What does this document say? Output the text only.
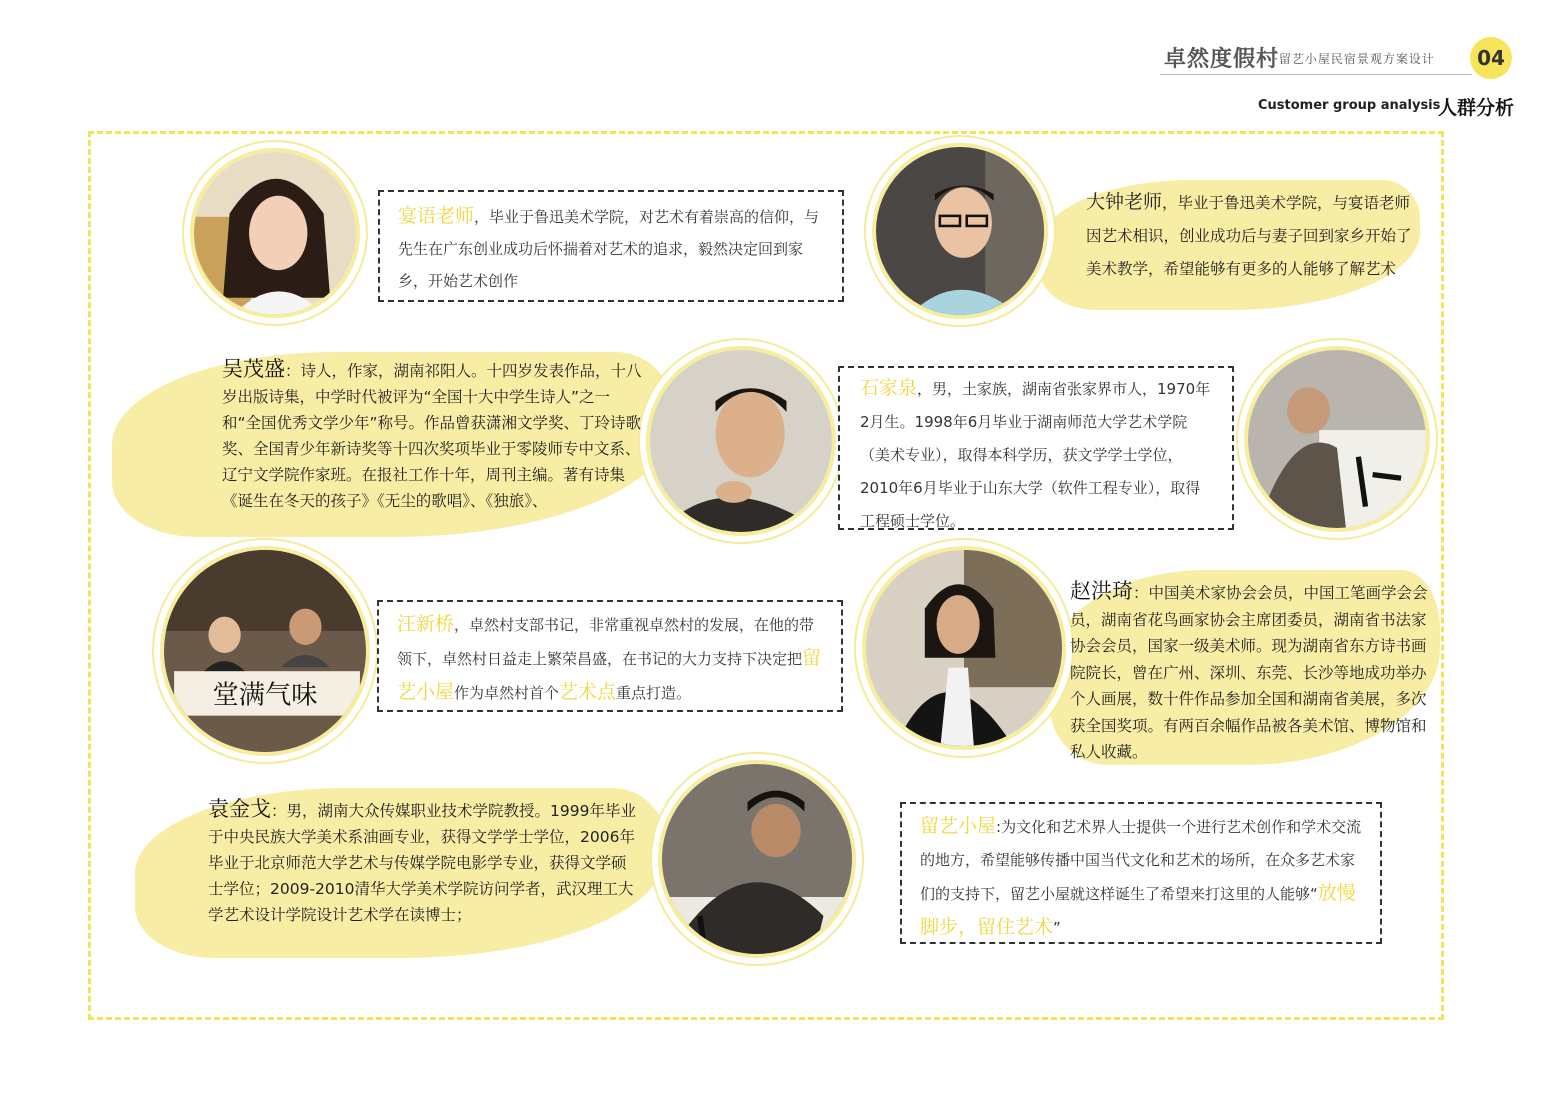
卓然度假村
·留艺小屋民宿景观方案设计	04
Customer group analysis
人群分析
堂满气味
宴语老师，毕业于鲁迅美术学院，对艺术有着崇高的信仰，与先生在广东创业成功后怀揣着对艺术的追求，毅然决定回到家乡，开始艺术创作
大钟老师，毕业于鲁迅美术学院，与宴语老师因艺术相识，创业成功后与妻子回到家乡开始了美术教学，希望能够有更多的人能够了解艺术
吴茂盛：诗人，作家，湖南祁阳人。十四岁发表作品，十八岁出版诗集，中学时代被评为“全国十大中学生诗人”之一和“全国优秀文学少年”称号。作品曾获潇湘文学奖、丁玲诗歌奖、全国青少年新诗奖等十四次奖项毕业于零陵师专中文系、辽宁文学院作家班。在报社工作十年，周刊主编。著有诗集《诞生在冬天的孩子》《无尘的歌唱》、《独旅》、
石家泉，男，土家族，湖南省张家界市人，1970年2月生。1998年6月毕业于湖南师范大学艺术学院（美术专业），取得本科学历，获文学学士学位，2010年6月毕业于山东大学（软件工程专业），取得工程硕士学位。
汪新桥，卓然村支部书记，非常重视卓然村的发展，在他的带领下，卓然村日益走上繁荣昌盛，在书记的大力支持下决定把留艺小屋作为卓然村首个艺术点重点打造。
赵洪琦：中国美术家协会会员，中国工笔画学会会员，湖南省花鸟画家协会主席团委员，湖南省书法家协会会员，国家一级美术师。现为湖南省东方诗书画院院长，曾在广州、深圳、东莞、长沙等地成功举办个人画展，数十件作品参加全国和湖南省美展，多次获全国奖项。有两百余幅作品被各美术馆、博物馆和私人收藏。
袁金戈：男，湖南大众传媒职业技术学院教授。1999年毕业于中央民族大学美术系油画专业，获得文学学士学位，2006年毕业于北京师范大学艺术与传媒学院电影学专业，获得文学硕士学位；2009-2010清华大学美术学院访问学者，武汉理工大学艺术设计学院设计艺术学在读博士；
留艺小屋:为文化和艺术界人士提供一个进行艺术创作和学术交流的地方，希望能够传播中国当代文化和艺术的场所，在众多艺术家们的支持下，留艺小屋就这样诞生了希望来打这里的人能够“放慢脚步，留住艺术”
